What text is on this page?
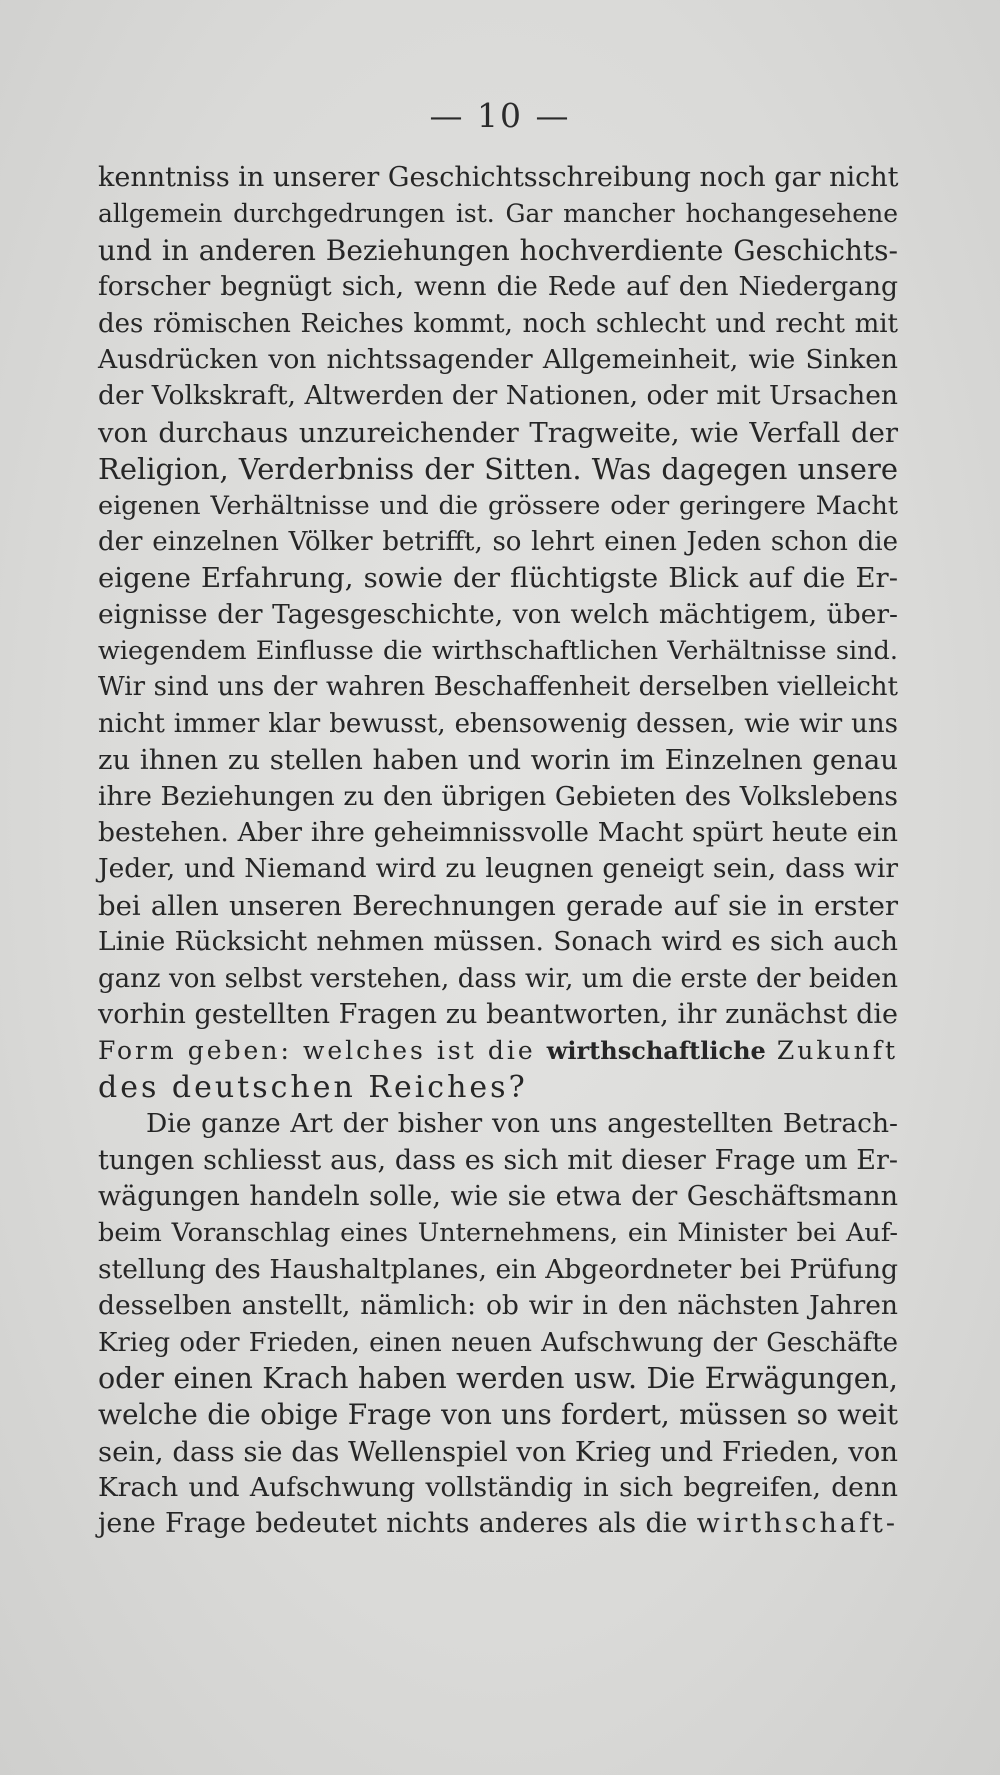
— 10 —
kenntniss in unserer Geschichtsschreibung noch gar nicht
allgemein durchgedrungen ist. Gar mancher hochangesehene
und in anderen Beziehungen hochverdiente Geschichts-
forscher begnügt sich, wenn die Rede auf den Niedergang
des römischen Reiches kommt, noch schlecht und recht mit
Ausdrücken von nichtssagender Allgemeinheit, wie Sinken
der Volkskraft, Altwerden der Nationen, oder mit Ursachen
von durchaus unzureichender Tragweite, wie Verfall der
Religion, Verderbniss der Sitten. Was dagegen unsere
eigenen Verhältnisse und die grössere oder geringere Macht
der einzelnen Völker betrifft, so lehrt einen Jeden schon die
eigene Erfahrung, sowie der flüchtigste Blick auf die Er-
eignisse der Tagesgeschichte, von welch mächtigem, über-
wiegendem Einflusse die wirthschaftlichen Verhältnisse sind.
Wir sind uns der wahren Beschaffenheit derselben vielleicht
nicht immer klar bewusst, ebensowenig dessen, wie wir uns
zu ihnen zu stellen haben und worin im Einzelnen genau
ihre Beziehungen zu den übrigen Gebieten des Volkslebens
bestehen. Aber ihre geheimnissvolle Macht spürt heute ein
Jeder, und Niemand wird zu leugnen geneigt sein, dass wir
bei allen unseren Berechnungen gerade auf sie in erster
Linie Rücksicht nehmen müssen. Sonach wird es sich auch
ganz von selbst verstehen, dass wir, um die erste der beiden
vorhin gestellten Fragen zu beantworten, ihr zunächst die
Form geben: welches ist die wirthschaftliche Zukunft
des deutschen Reiches?
Die ganze Art der bisher von uns angestellten Betrach-
tungen schliesst aus, dass es sich mit dieser Frage um Er-
wägungen handeln solle, wie sie etwa der Geschäftsmann
beim Voranschlag eines Unternehmens, ein Minister bei Auf-
stellung des Haushaltplanes, ein Abgeordneter bei Prüfung
desselben anstellt, nämlich: ob wir in den nächsten Jahren
Krieg oder Frieden, einen neuen Aufschwung der Geschäfte
oder einen Krach haben werden usw. Die Erwägungen,
welche die obige Frage von uns fordert, müssen so weit
sein, dass sie das Wellenspiel von Krieg und Frieden, von
Krach und Aufschwung vollständig in sich begreifen, denn
jene Frage bedeutet nichts anderes als die wirthschaft-
